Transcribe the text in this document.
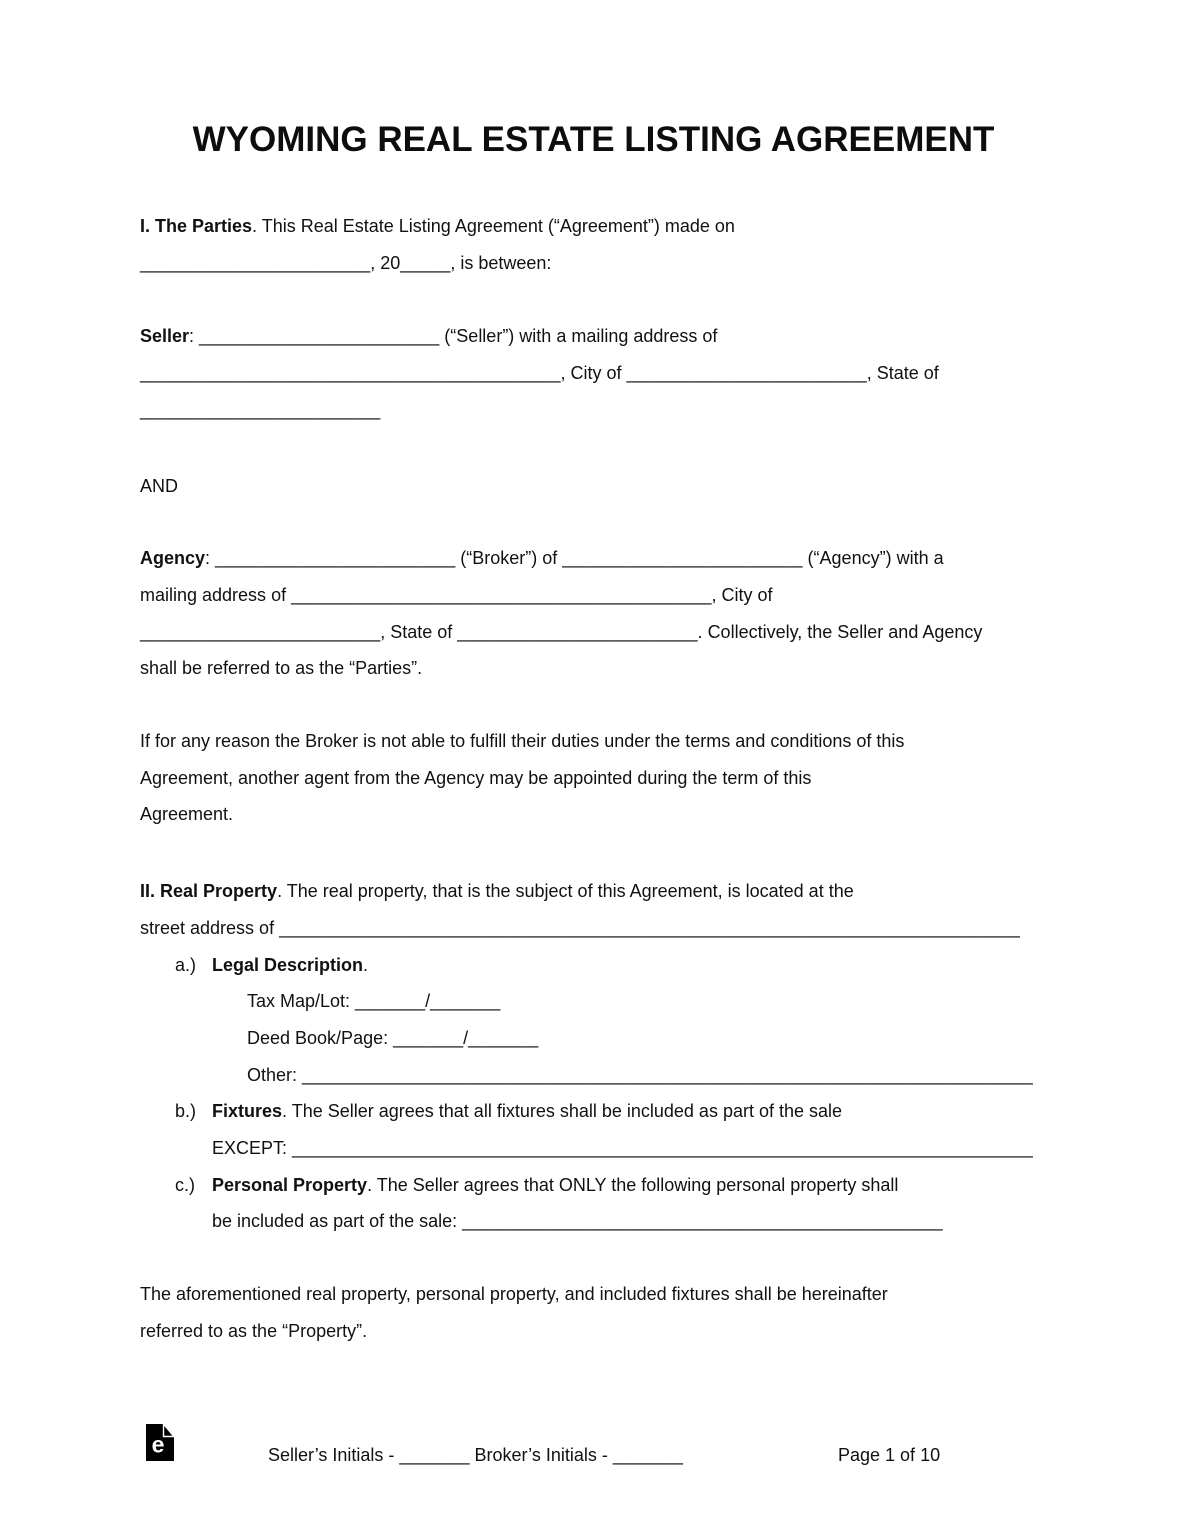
WYOMING REAL ESTATE LISTING AGREEMENT
I. The Parties. This Real Estate Listing Agreement (“Agreement”) made on
_______________________, 20_____, is between:
Seller: ________________________ (“Seller”) with a mailing address of
__________________________________________, City of ________________________, State of
________________________
AND
Agency: ________________________ (“Broker”) of ________________________ (“Agency”) with a
mailing address of __________________________________________, City of
________________________, State of ________________________. Collectively, the Seller and Agency
shall be referred to as the “Parties”.
If for any reason the Broker is not able to fulfill their duties under the terms and conditions of this
Agreement, another agent from the Agency may be appointed during the term of this
Agreement.
II. Real Property. The real property, that is the subject of this Agreement, is located at the
street address of __________________________________________________________________________
a.) Legal Description.
Tax Map/Lot: _______/_______
Deed Book/Page: _______/_______
Other: _________________________________________________________________________
b.) Fixtures. The Seller agrees that all fixtures shall be included as part of the sale
EXCEPT: __________________________________________________________________________
c.) Personal Property. The Seller agrees that ONLY the following personal property shall
be included as part of the sale: ________________________________________________
The aforementioned real property, personal property, and included fixtures shall be hereinafter
referred to as the “Property”.
e	Seller’s Initials - _______ Broker’s Initials - _______	Page 1 of 10
